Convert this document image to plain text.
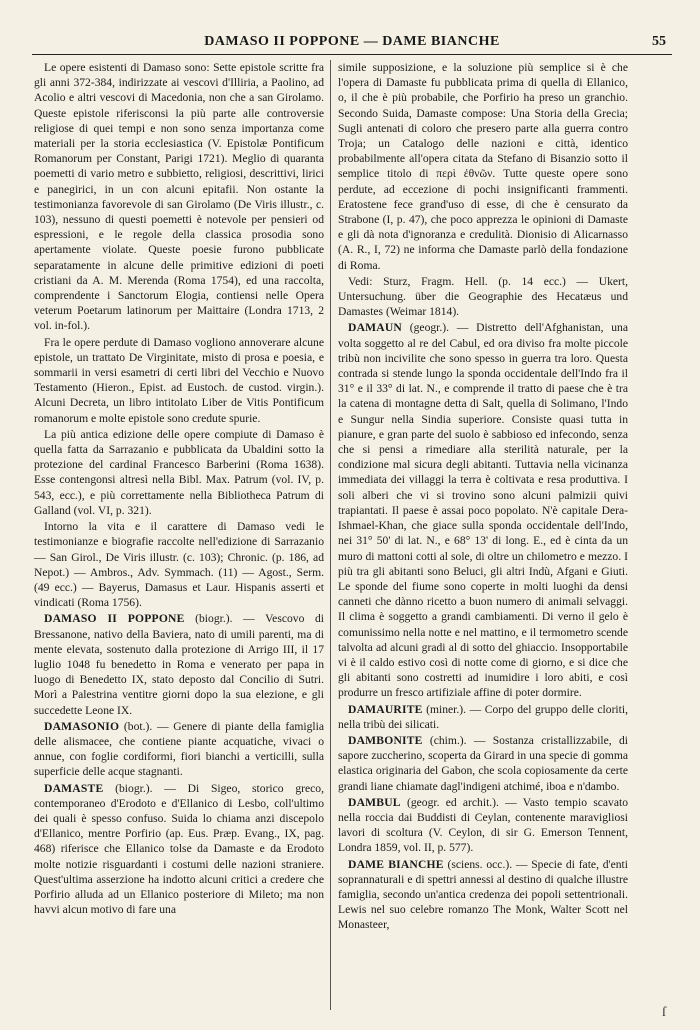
DAMASO II POPPONE — DAME BIANCHE	55

Le opere esistenti di Damaso sono: Sette epistole scritte fra gli anni 372-384, indirizzate ai vescovi d'Illiria, a Paolino, ad Acolio e altri vescovi di Macedonia, non che a san Girolamo. Queste epistole riferisconsi la più parte alle controversie religiose di quei tempi e non sono senza importanza come materiali per la storia ecclesiastica (V. Epistolæ Pontificum Romanorum per Constant, Parigi 1721). Meglio di quaranta poemetti di vario metro e subbietto, religiosi, descrittivi, lirici e panegirici, in un con alcuni epitafii. Non ostante la testimonianza favorevole di san Girolamo (De Viris illustr., c. 103), nessuno di questi poemetti è notevole per pensieri od espressioni, e le regole della classica prosodia sono apertamente violate. Queste poesie furono pubblicate separatamente in alcune delle primitive edizioni di poeti cristiani da A. M. Merenda (Roma 1754), ed una raccolta, comprendente i Sanctorum Elogia, contiensi nelle Opera veterum Poetarum latinorum per Maittaire (Londra 1713, 2 vol. in-fol.).

Fra le opere perdute di Damaso vogliono annoverare alcune epistole, un trattato De Virginitate, misto di prosa e poesia, e sommarii in versi esametri di certi libri del Vecchio e Nuovo Testamento (Hieron., Epist. ad Eustoch. de custod. virgin.). Alcuni Decreta, un libro intitolato Liber de Vitis Pontificum romanorum e molte epistole sono credute spurie.

La più antica edizione delle opere compiute di Damaso è quella fatta da Sarrazanio e pubblicata da Ubaldini sotto la protezione del cardinal Francesco Barberini (Roma 1638). Esse contengonsi altresì nella Bibl. Max. Patrum (vol. IV, p. 543, ecc.), e più correttamente nella Bibliotheca Patrum di Galland (vol. VI, p. 321).

Intorno la vita e il carattere di Damaso vedi le testimonianze e biografie raccolte nell'edizione di Sarrazanio — San Girol., De Viris illustr. (c. 103); Chronic. (p. 186, ad Nepot.) — Ambros., Adv. Symmach. (11) — Agost., Serm. (49 ecc.) — Bayerus, Damasus et Laur. Hispanis asserti et vindicati (Roma 1756).

DAMASO II POPPONE (biogr.). — Vescovo di Bressanone, nativo della Baviera, nato di umili parenti, ma di mente elevata, sostenuto dalla protezione di Arrigo III, il 17 luglio 1048 fu benedetto in Roma e venerato per papa in luogo di Benedetto IX, stato deposto dal Concilio di Sutri. Morì a Palestrina ventitre giorni dopo la sua elezione, e gli succedette Leone IX.

DAMASONIO (bot.). — Genere di piante della famiglia delle alismacee, che contiene piante acquatiche, vivaci o annue, con foglie cordiformi, fiori bianchi a verticilli, sulla superficie delle acque stagnanti.

DAMASTE (biogr.). — Di Sigeo, storico greco, contemporaneo d'Erodoto e d'Ellanico di Lesbo, coll'ultimo dei quali è spesso confuso. Suida lo chiama anzi discepolo d'Ellanico, mentre Porfirio (ap. Eus. Præp. Evang., IX, pag. 468) riferisce che Ellanico tolse da Damaste e da Erodoto molte notizie risguardanti i costumi delle nazioni straniere. Quest'ultima asserzione ha indotto alcuni critici a credere che Porfirio alluda ad un Ellanico posteriore di Mileto; ma non havvi alcun motivo di fare una

simile supposizione, e la soluzione più semplice si è che l'opera di Damaste fu pubblicata prima di quella di Ellanico, o, il che è più probabile, che Porfirio ha preso un granchio. Secondo Suida, Damaste compose: Una Storia della Grecia; Sugli antenati di coloro che presero parte alla guerra contro Troja; un Catalogo delle nazioni e città, identico probabilmente all'opera citata da Stefano di Bisanzio sotto il semplice titolo di περὶ ἐθνῶν. Tutte queste opere sono perdute, ad eccezione di pochi insignificanti frammenti. Eratostene fece grand'uso di esse, di che è censurato da Strabone (I, p. 47), che poco apprezza le opinioni di Damaste e gli dà nota d'ignoranza e credulità. Dionisio di Alicarnasso (A. R., I, 72) ne informa che Damaste parlò della fondazione di Roma.

Vedi: Sturz, Fragm. Hell. (p. 14 ecc.) — Ukert, Untersuchung. über die Geographie des Hecatæus und Damastes (Weimar 1814).

DAMAUN (geogr.). — Distretto dell'Afghanistan, una volta soggetto al re del Cabul, ed ora diviso fra molte piccole tribù non incivilite che sono spesso in guerra tra loro. Questa contrada si stende lungo la sponda occidentale dell'Indo fra il 31° e il 33° di lat. N., e comprende il tratto di paese che è tra la catena di montagne detta di Salt, quella di Solimano, l'Indo e Sungur nella Sindia superiore. Consiste quasi tutta in pianure, e gran parte del suolo è sabbioso ed infecondo, senza che si pensi a rimediare alla sterilità naturale, per la condizione mal sicura degli abitanti. Tuttavia nella vicinanza immediata dei villaggi la terra è coltivata e resa produttiva. I soli alberi che vi si trovino sono alcuni palmizii quivi trapiantati. Il paese è assai poco popolato. N'è capitale Dera-Ishmael-Khan, che giace sulla sponda occidentale dell'Indo, nei 31° 50' di lat. N., e 68° 13' di long. E., ed è cinta da un muro di mattoni cotti al sole, di oltre un chilometro e mezzo. I più tra gli abitanti sono Beluci, gli altri Indù, Afgani e Giuti. Le sponde del fiume sono coperte in molti luoghi da densi canneti che dànno ricetto a buon numero di animali selvaggi. Il clima è soggetto a grandi cambiamenti. Di verno il gelo è comunissimo nella notte e nel mattino, e il termometro scende talvolta ad alcuni gradi al di sotto del ghiaccio. Insopportabile vi è il caldo estivo così di notte come di giorno, e si dice che gli abitanti sono costretti ad inumidire i loro abiti, e così produrre un fresco artifiziale affine di poter dormire.

DAMAURITE (miner.). — Corpo del gruppo delle cloriti, nella tribù dei silicati.

DAMBONITE (chim.). — Sostanza cristallizzabile, di sapore zuccherino, scoperta da Girard in una specie di gomma elastica originaria del Gabon, che scola copiosamente da certe grandi liane chiamate dagl'indigeni atchimé, iboa e n'dambo.

DAMBUL (geogr. ed archit.). — Vasto tempio scavato nella roccia dai Buddisti di Ceylan, contenente maravigliosi lavori di scoltura (V. Ceylon, di sir G. Emerson Tennent, Londra 1859, vol. II, p. 577).

DAME BIANCHE (sciens. occ.). — Specie di fate, d'enti soprannaturali e di spettri annessi al destino di qualche illustre famiglia, secondo un'antica credenza dei popoli settentrionali. Lewis nel suo celebre romanzo The Monk, Walter Scott nel Monasteer,

ſ
